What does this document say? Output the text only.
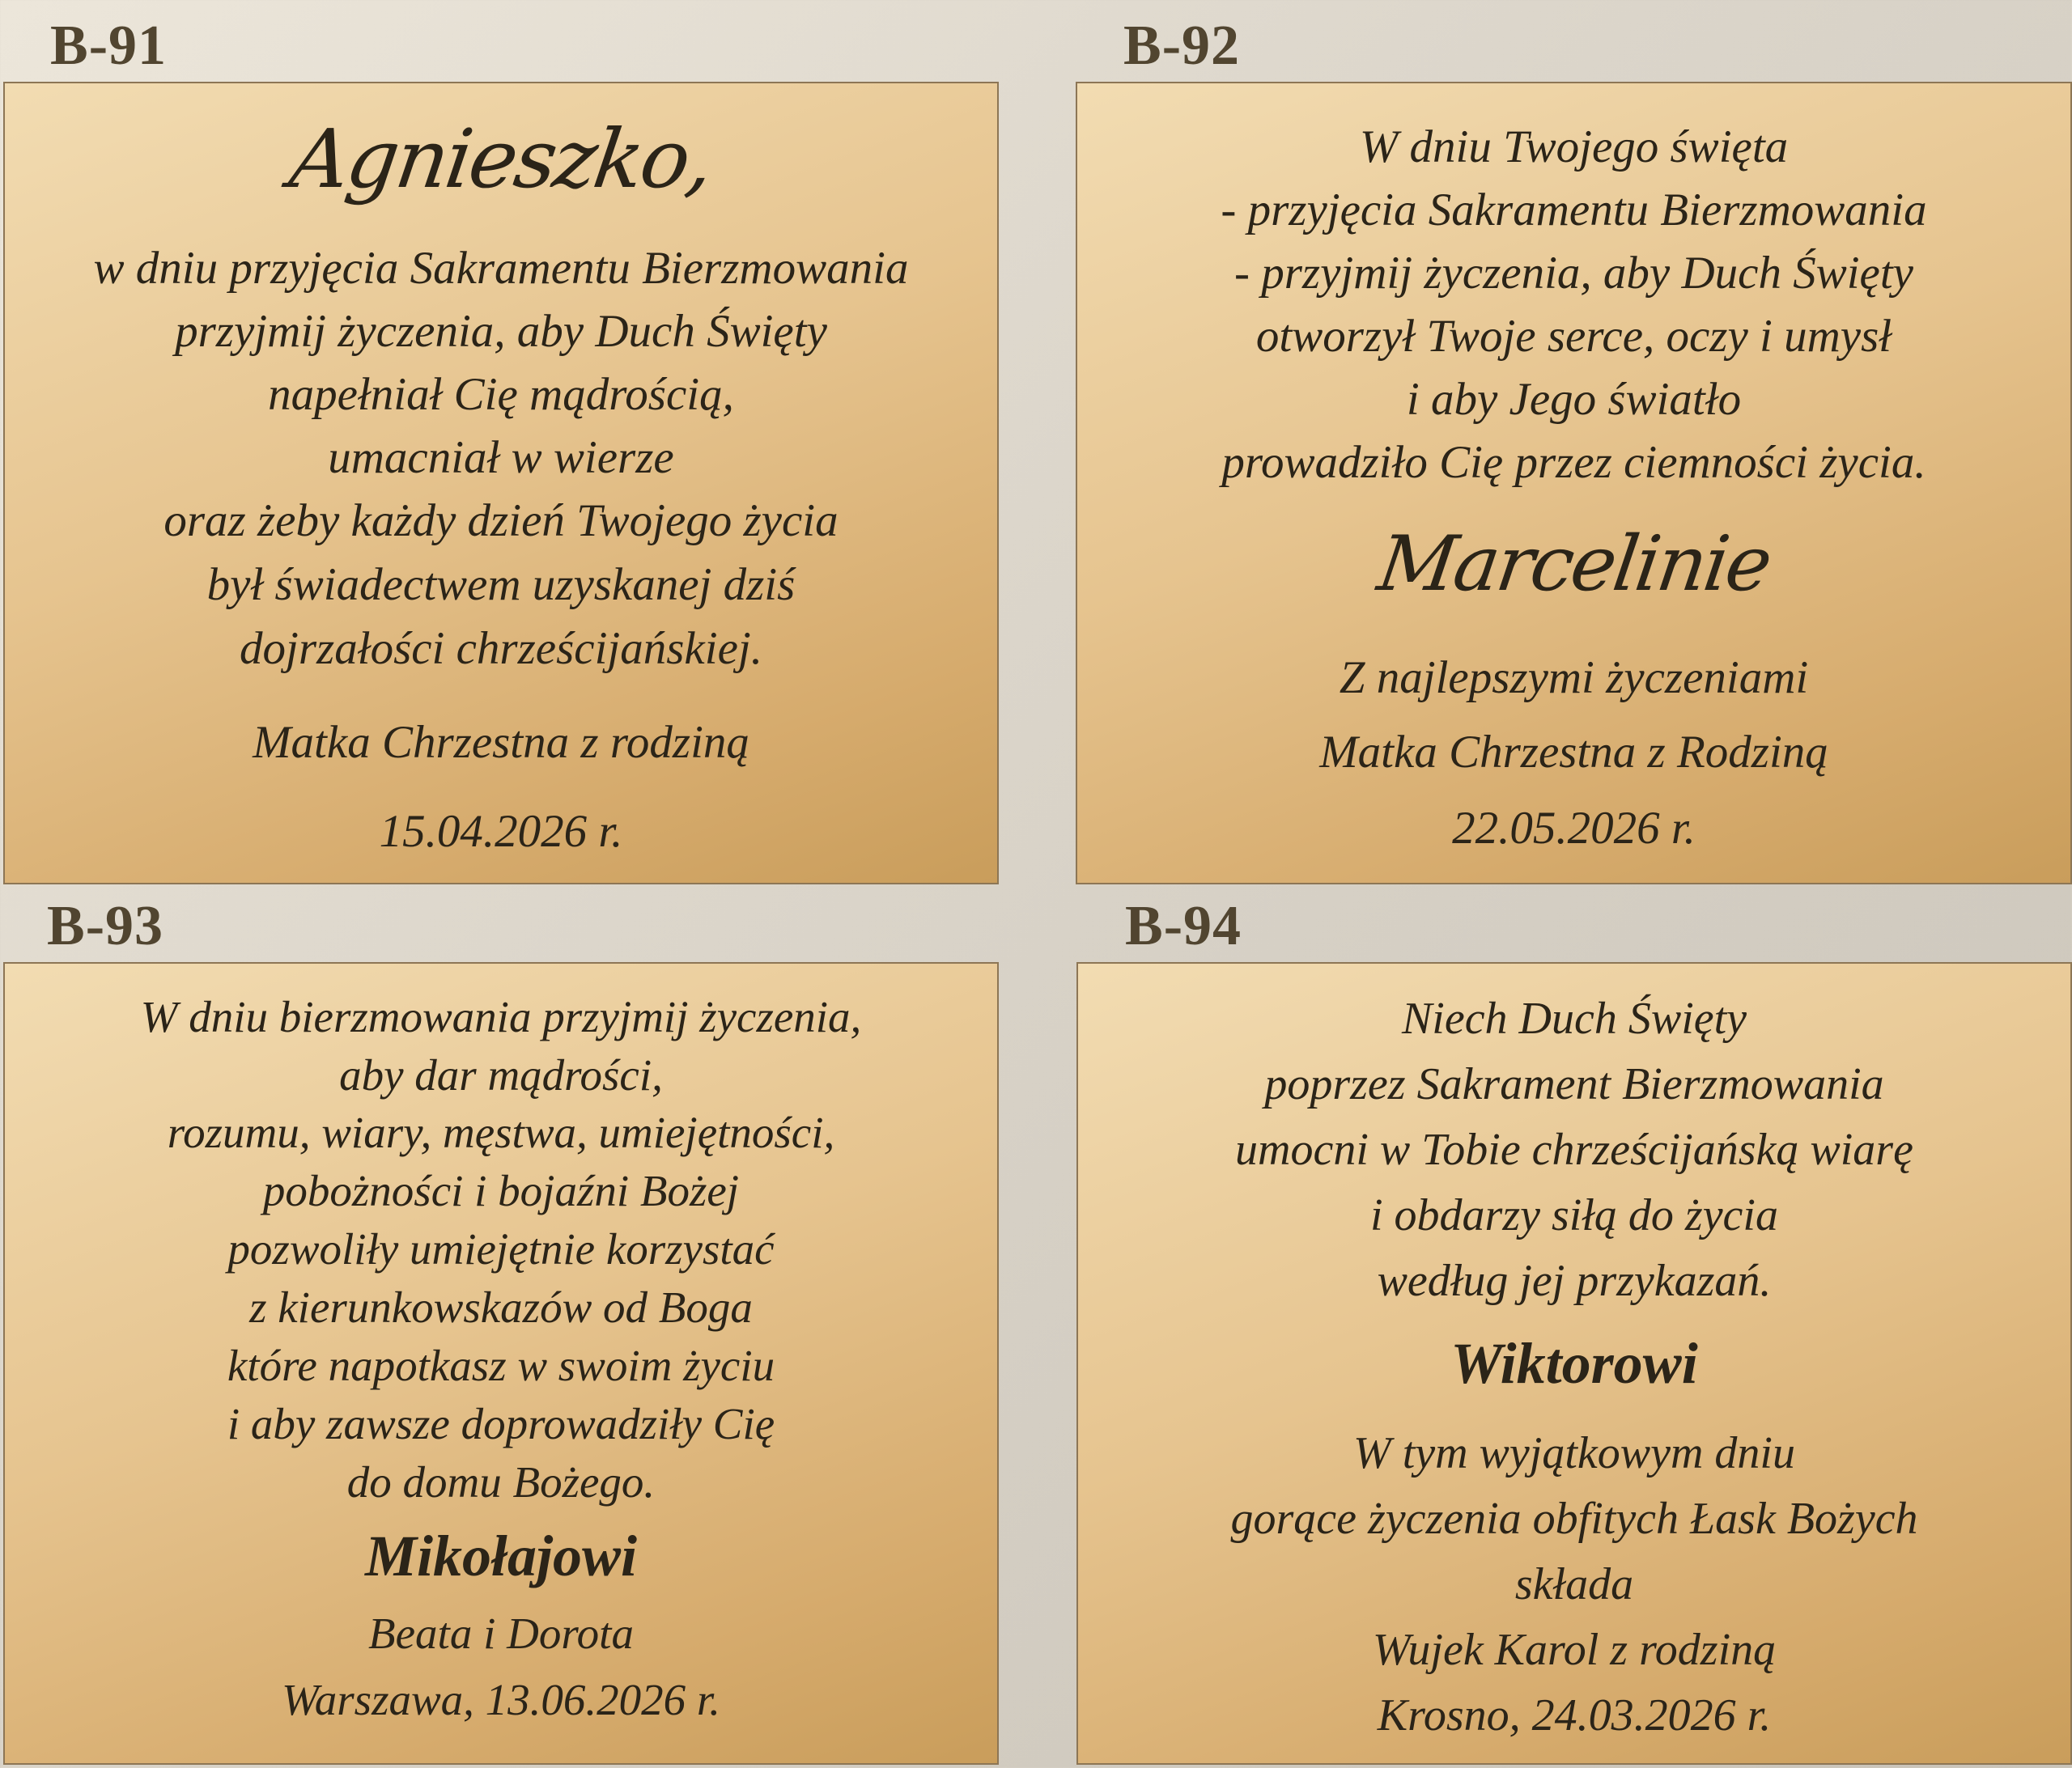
B-91	B-92
B-93	B-94
Agnieszko,
w dniu przyjęcia Sakramentu Bierzmowania
przyjmij życzenia, aby Duch Święty
napełniał Cię mądrością,
umacniał w wierze
oraz żeby każdy dzień Twojego życia
był świadectwem uzyskanej dziś
dojrzałości chrześcijańskiej.
Matka Chrzestna z rodziną
15.04.2026 r.
W dniu Twojego święta
- przyjęcia Sakramentu Bierzmowania
- przyjmij życzenia, aby Duch Święty
otworzył Twoje serce, oczy i umysł
i aby Jego światło
prowadziło Cię przez ciemności życia.
Marcelinie
Z najlepszymi życzeniami
Matka Chrzestna z Rodziną
22.05.2026 r.
W dniu bierzmowania przyjmij życzenia,
aby dar mądrości,
rozumu, wiary, męstwa, umiejętności,
pobożności i bojaźni Bożej
pozwoliły umiejętnie korzystać
z kierunkowskazów od Boga
które napotkasz w swoim życiu
i aby zawsze doprowadziły Cię
do domu Bożego.
Mikołajowi
Beata i Dorota
Warszawa, 13.06.2026 r.
Niech Duch Święty
poprzez Sakrament Bierzmowania
umocni w Tobie chrześcijańską wiarę
i obdarzy siłą do życia
według jej przykazań.
Wiktorowi
W tym wyjątkowym dniu
gorące życzenia obfitych Łask Bożych
składa
Wujek Karol z rodziną
Krosno, 24.03.2026 r.
